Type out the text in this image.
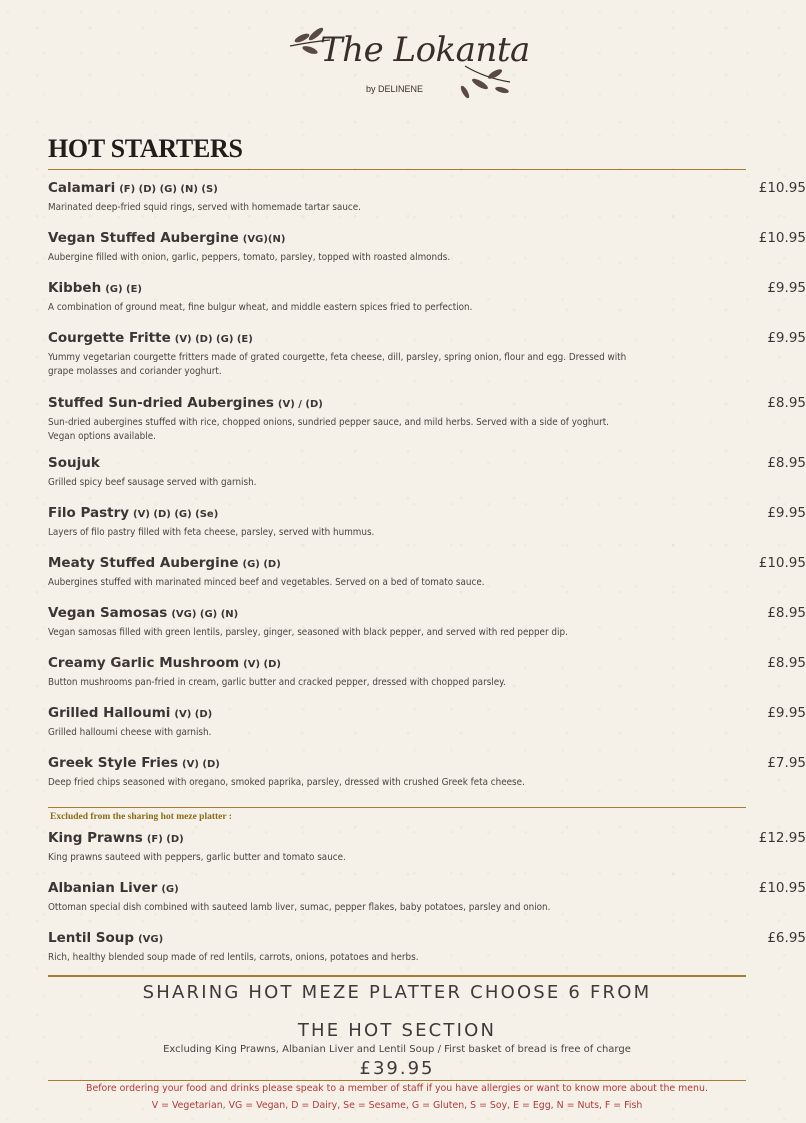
The Lokanta
by DELINENE
HOT STARTERS
Calamari (F) (D) (G) (N) (S)
Marinated deep-fried squid rings, served with homemade tartar sauce.
£10.95
Vegan Stuffed Aubergine (VG)(N)
Aubergine filled with onion, garlic, peppers, tomato, parsley, topped with roasted almonds.
£10.95
Kibbeh (G) (E)
A combination of ground meat, fine bulgur wheat, and middle eastern spices fried to perfection.
£9.95
Courgette Fritte (V) (D) (G) (E)
Yummy vegetarian courgette fritters made of grated courgette, feta cheese, dill, parsley, spring onion, flour and egg. Dressed with grape molasses and coriander yoghurt.
£9.95
Stuffed Sun-dried Aubergines (V) / (D)
Sun-dried aubergines stuffed with rice, chopped onions, sundried pepper sauce, and mild herbs. Served with a side of yoghurt. Vegan options available.
£8.95
Soujuk
Grilled spicy beef sausage served with garnish.
£8.95
Filo Pastry (V) (D) (G) (Se)
Layers of filo pastry filled with feta cheese, parsley, served with hummus.
£9.95
Meaty Stuffed Aubergine (G) (D)
Aubergines stuffed with marinated minced beef and vegetables. Served on a bed of tomato sauce.
£10.95
Vegan Samosas (VG) (G) (N)
Vegan samosas filled with green lentils, parsley, ginger, seasoned with black pepper, and served with red pepper dip.
£8.95
Creamy Garlic Mushroom (V) (D)
Button mushrooms pan-fried in cream, garlic butter and cracked pepper, dressed with chopped parsley.
£8.95
Grilled Halloumi (V) (D)
Grilled halloumi cheese with garnish.
£9.95
Greek Style Fries (V) (D)
Deep fried chips seasoned with oregano, smoked paprika, parsley, dressed with crushed Greek feta cheese.
£7.95
Excluded from the sharing hot meze platter :
King Prawns (F) (D)
King prawns sauteed with peppers, garlic butter and tomato sauce.
£12.95
Albanian Liver (G)
Ottoman special dish combined with sauteed lamb liver, sumac, pepper flakes, baby potatoes, parsley and onion.
£10.95
Lentil Soup (VG)
Rich, healthy blended soup made of red lentils, carrots, onions, potatoes and herbs.
£6.95
SHARING HOT MEZE PLATTER CHOOSE 6 FROM
THE HOT SECTION
Excluding King Prawns, Albanian Liver and Lentil Soup / First basket of bread is free of charge
£39.95
Before ordering your food and drinks please speak to a member of staff if you have allergies or want to know more about the menu.
V = Vegetarian, VG = Vegan, D = Dairy, Se = Sesame, G = Gluten, S = Soy, E = Egg, N = Nuts, F = Fish
